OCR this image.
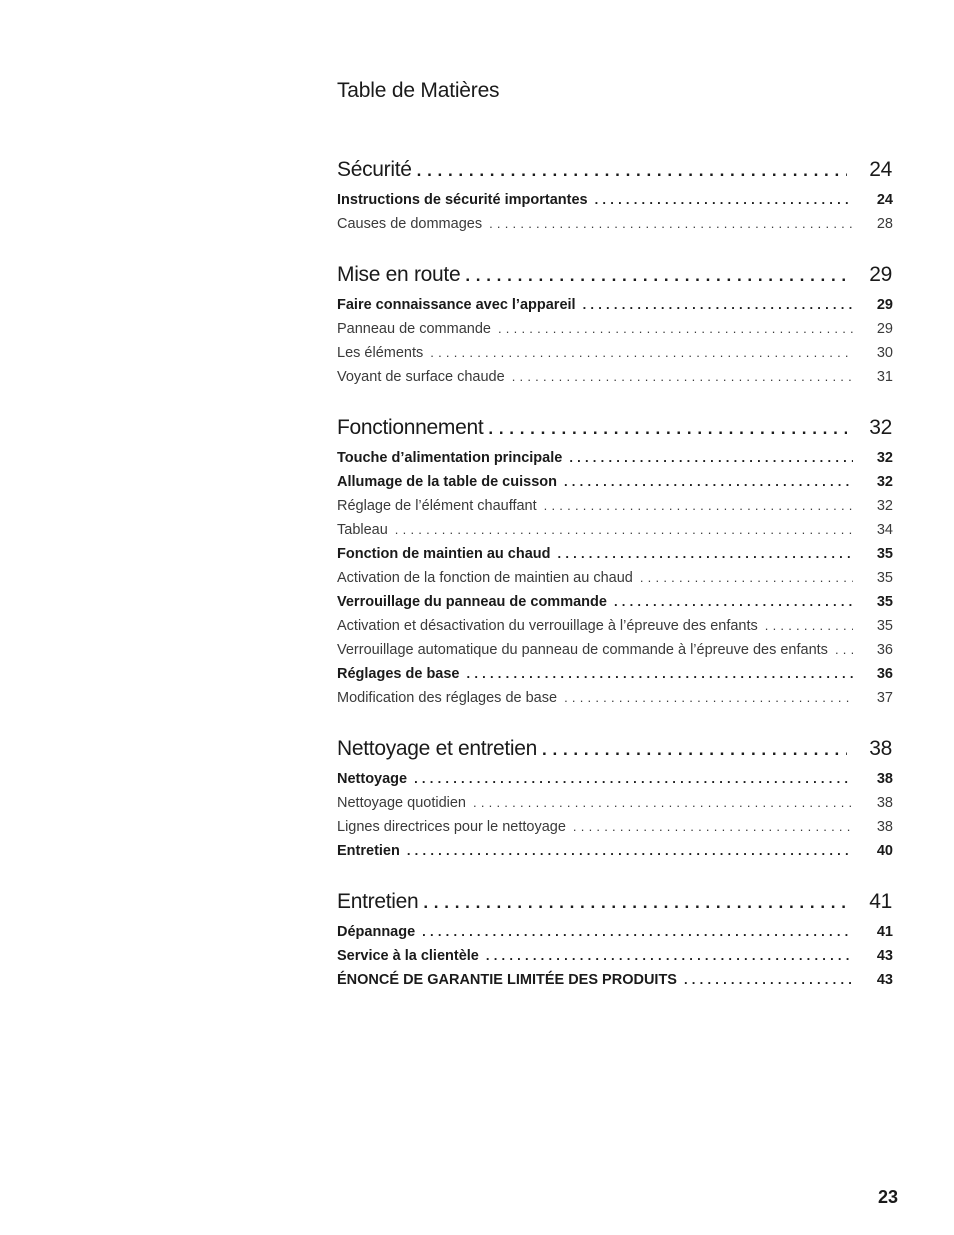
Table de Matières
Sécurité . . .	24
Instructions de sécurité importantes . . .	24
Causes de dommages . . .	28
Mise en route . . .	29
Faire connaissance avec l’appareil . . .	29
Panneau de commande . . .	29
Les éléments . . .	30
Voyant de surface chaude . . .	31
Fonctionnement . . .	32
Touche d’alimentation principale . . .	32
Allumage de la table de cuisson . . .	32
Réglage de l’élément chauffant . . .	32
Tableau . . .	34
Fonction de maintien au chaud . . .	35
Activation de la fonction de maintien au chaud . . .	35
Verrouillage du panneau de commande . . .	35
Activation et désactivation du verrouillage à l’épreuve des enfants . . .	35
Verrouillage automatique du panneau de commande à l’épreuve des enfants . . .	36
Réglages de base . . .	36
Modification des réglages de base . . .	37
Nettoyage et entretien . . .	38
Nettoyage . . .	38
Nettoyage quotidien . . .	38
Lignes directrices pour le nettoyage . . .	38
Entretien . . .	40
Entretien . . .	41
Dépannage . . .	41
Service à la clientèle . . .	43
ÉNONCÉ DE GARANTIE LIMITÉE DES PRODUITS . . .	43
23
